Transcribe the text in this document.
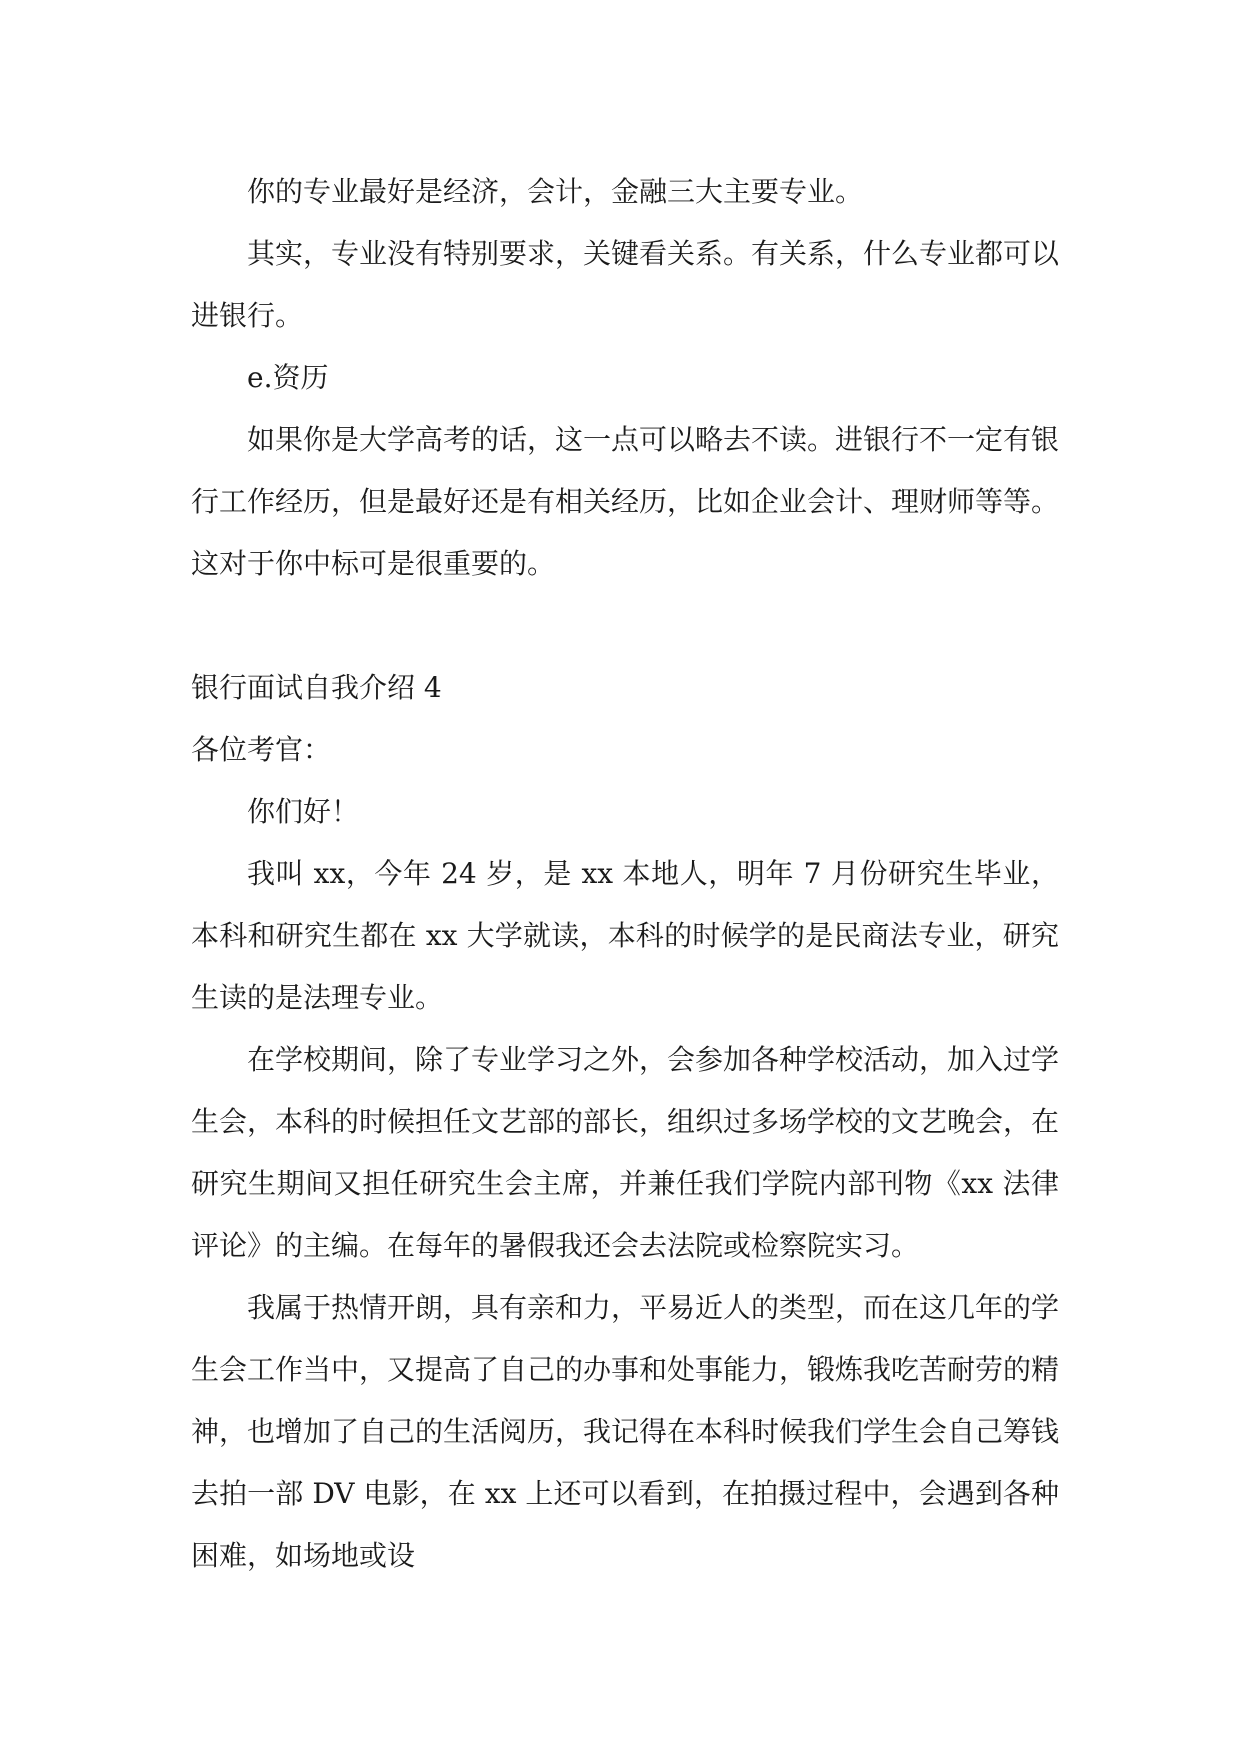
你的专业最好是经济，会计，金融三大主要专业。

其实，专业没有特别要求，关键看关系。有关系，什么专业都可以进银行。

e.资历

如果你是大学高考的话，这一点可以略去不读。进银行不一定有银行工作经历，但是最好还是有相关经历，比如企业会计、理财师等等。这对于你中标可是很重要的。

银行面试自我介绍 4

各位考官：

你们好！

我叫 xx，今年 24 岁，是 xx 本地人，明年 7 月份研究生毕业，本科和研究生都在 xx 大学就读，本科的时候学的是民商法专业，研究生读的是法理专业。

在学校期间，除了专业学习之外，会参加各种学校活动，加入过学生会，本科的时候担任文艺部的部长，组织过多场学校的文艺晚会，在研究生期间又担任研究生会主席，并兼任我们学院内部刊物《xx 法律评论》的主编。在每年的暑假我还会去法院或检察院实习。

我属于热情开朗，具有亲和力，平易近人的类型，而在这几年的学生会工作当中，又提高了自己的办事和处事能力，锻炼我吃苦耐劳的精神，也增加了自己的生活阅历，我记得在本科时候我们学生会自己筹钱去拍一部 DV 电影，在 xx 上还可以看到，在拍摄过程中，会遇到各种困难，如场地或设
